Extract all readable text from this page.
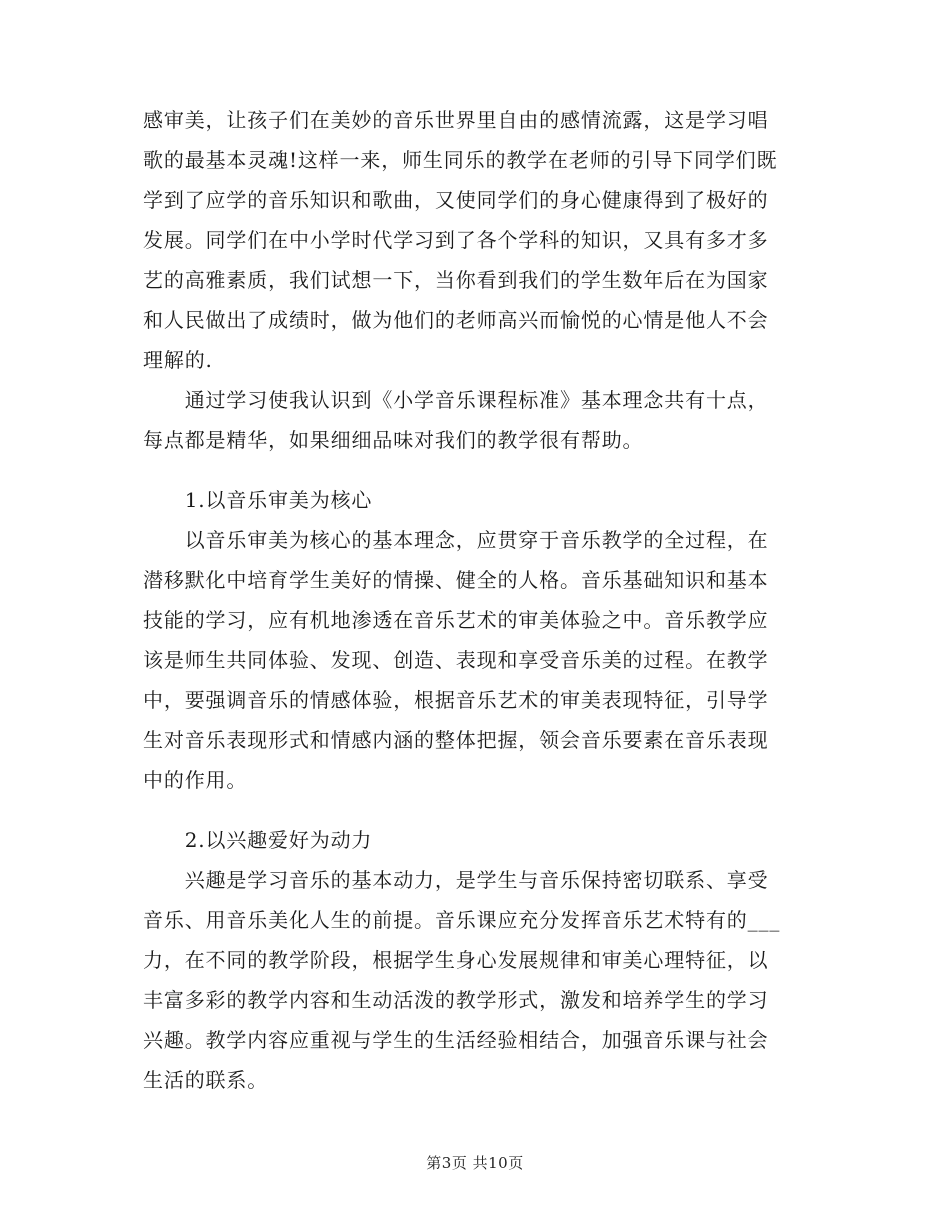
感审美，让孩子们在美妙的音乐世界里自由的感情流露，这是学习唱
歌的最基本灵魂!这样一来，师生同乐的教学在老师的引导下同学们既
学到了应学的音乐知识和歌曲，又使同学们的身心健康得到了极好的
发展。同学们在中小学时代学习到了各个学科的知识，又具有多才多
艺的高雅素质，我们试想一下，当你看到我们的学生数年后在为国家
和人民做出了成绩时，做为他们的老师高兴而愉悦的心情是他人不会
理解的.

　　通过学习使我认识到《小学音乐课程标准》基本理念共有十点，
每点都是精华，如果细细品味对我们的教学很有帮助。

　　1.以音乐审美为核心

　　以音乐审美为核心的基本理念，应贯穿于音乐教学的全过程，在
潜移默化中培育学生美好的情操、健全的人格。音乐基础知识和基本
技能的学习，应有机地渗透在音乐艺术的审美体验之中。音乐教学应
该是师生共同体验、发现、创造、表现和享受音乐美的过程。在教学
中，要强调音乐的情感体验，根据音乐艺术的审美表现特征，引导学
生对音乐表现形式和情感内涵的整体把握，领会音乐要素在音乐表现
中的作用。

　　2.以兴趣爱好为动力

　　兴趣是学习音乐的基本动力，是学生与音乐保持密切联系、享受
音乐、用音乐美化人生的前提。音乐课应充分发挥音乐艺术特有的___
力，在不同的教学阶段，根据学生身心发展规律和审美心理特征，以
丰富多彩的教学内容和生动活泼的教学形式，激发和培养学生的学习
兴趣。教学内容应重视与学生的生活经验相结合，加强音乐课与社会
生活的联系。

第3页 共10页
